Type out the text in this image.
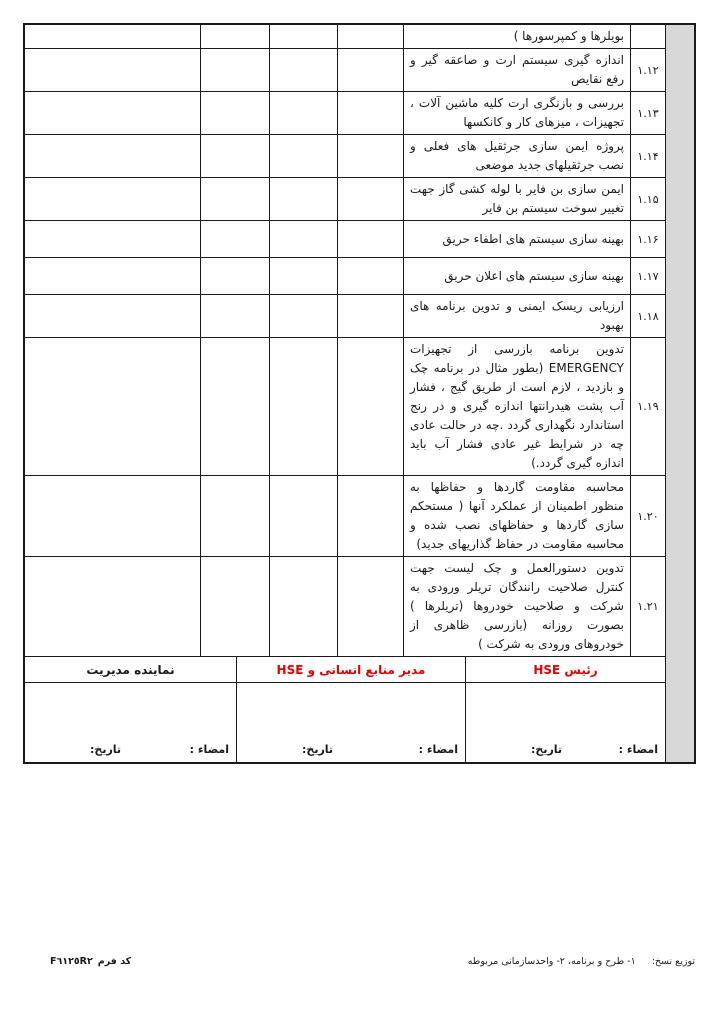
بویلرها و کمپرسورها )
اندازه گیری سیستم ارت و صاعقه گیر و رفع نقایص
۱.۱۲
بررسی و بازنگری ارت کلیه ماشین آلات ، تجهیزات ، میزهای کار و کانکسها
۱.۱۳
پروژه ایمن سازی جرثقیل های فعلی و نصب جرثقیلهای جدید موضعی
۱.۱۴
ایمن سازی بن فایر با لوله کشی گاز جهت تغییر سوخت سیستم بن فایر
۱.۱۵
بهینه سازی سیستم های اطفاء حریق	۱.۱۶
بهینه سازی سیستم های اعلان حریق	۱.۱۷
ارزیابی ریسک ایمنی و تدوین برنامه های بهبود
۱.۱۸
تدوین برنامه بازرسی از تجهیزات EMERGENCY (بطور مثال در برنامه چک و بازدید ، لازم است از طریق گیج ، فشار آب پشت هیدرانتها اندازه گیری و در رنج استاندارد نگهداری گردد .چه در حالت عادی چه در شرایط غیر عادی فشار آب باید اندازه گیری گردد.)
۱.۱۹
محاسبه مقاومت گاردها و حفاظها به منظور اطمینان از عملکرد آنها ( مستحکم سازی گاردها و حفاظهای نصب شده و محاسبه مقاومت در حفاظ گذاریهای جدید)
۱.۲۰
تدوین دستورالعمل و چک لیست جهت کنترل صلاحیت رانندگان تریلر ورودی به شرکت و صلاحیت خودروها (تریلرها ) بصورت روزانه (بازرسی ظاهری از خودروهای ورودی به شرکت )
۱.۲۱
نماینده مدیریت
امضاء :
تاریخ:
مدیر منابع انسانی و HSE
امضاء :
تاریخ:
رئیس HSE
امضاء :
تاریخ:
توزیع نسخ:
۱- طرح و برنامه، ۲- واحدسازمانی مربوطه
کد فرم
F٦١٢٥R٢
